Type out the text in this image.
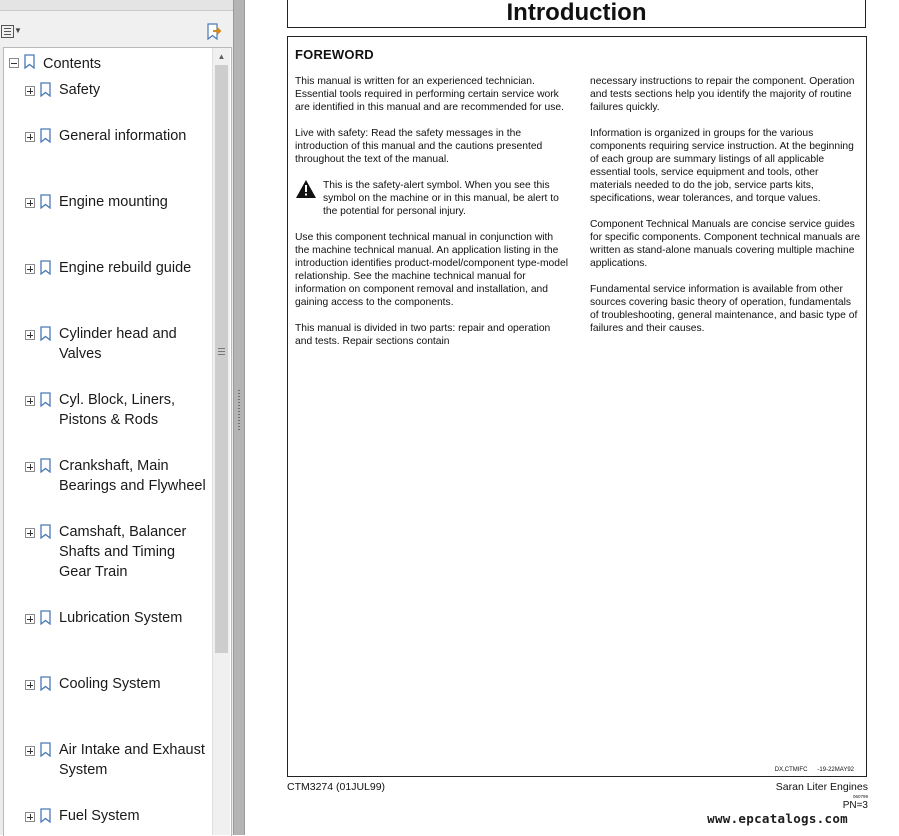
▼
Contents
Safety
General information
Engine mounting
Engine rebuild guide
Cylinder head and
Valves
Cyl. Block, Liners,
Pistons & Rods
Crankshaft, Main
Bearings and Flywheel
Camshaft, Balancer
Shafts and Timing
Gear Train
Lubrication System
Cooling System
Air Intake and Exhaust
System
Fuel System
▲
Introduction
FOREWORD

This manual is written for an experienced technician. Essential tools required in performing certain service work are identified in this manual and are recommended for use.

Live with safety: Read the safety messages in the introduction of this manual and the cautions presented throughout the text of the manual.

This is the safety-alert symbol. When you see this symbol on the machine or in this manual, be alert to the potential for personal injury.

Use this component technical manual in conjunction with the machine technical manual. An application listing in the introduction identifies product-model/component type-model relationship. See the machine technical manual for information on component removal and installation, and gaining access to the components.

This manual is divided in two parts: repair and operation and tests. Repair sections contain

necessary instructions to repair the component. Operation and tests sections help you identify the majority of routine failures quickly.

Information is organized in groups for the various components requiring service instruction. At the beginning of each group are summary listings of all applicable essential tools, service equipment and tools, other materials needed to do the job, service parts kits, specifications, wear tolerances, and torque values.

Component Technical Manuals are concise service guides for specific components. Component technical manuals are written as stand-alone manuals covering multiple machine applications.

Fundamental service information is available from other sources covering basic theory of operation, fundamentals of troubleshooting, general maintenance, and basic type of failures and their causes.

DX,CTMIFC -19-22MAY92
CTM3274 (01JUL99)	Saran Liter Engines
060799
PN=3
www.epcatalogs.com
